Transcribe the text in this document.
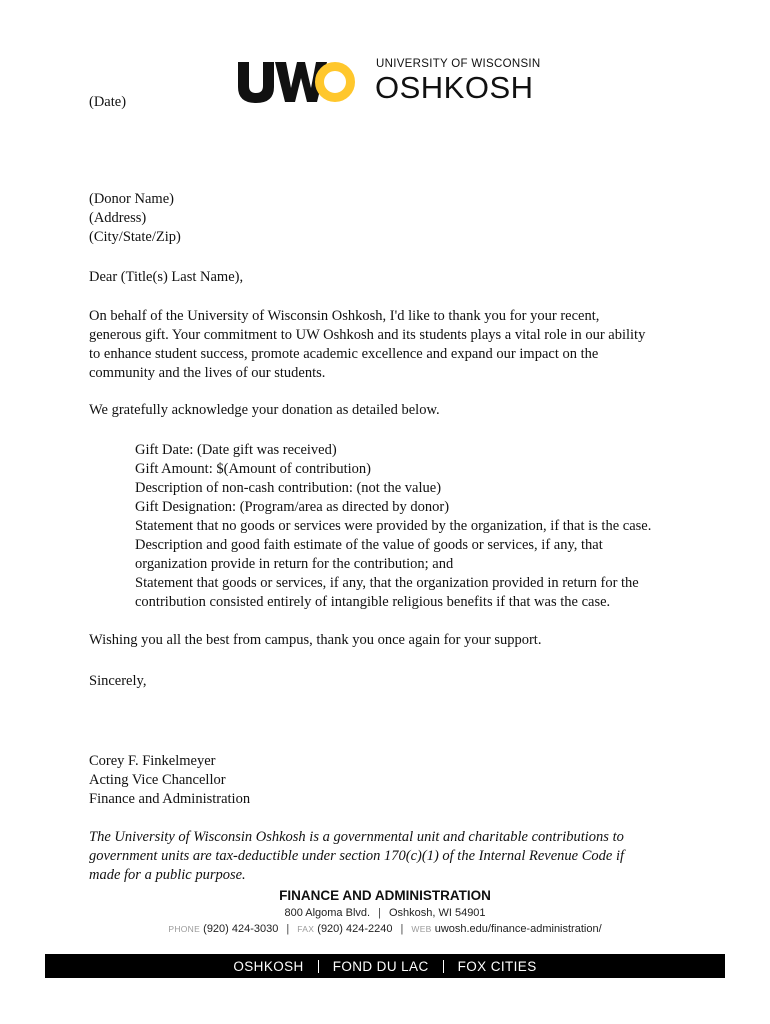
(Date)
UNIVERSITY OF WISCONSIN
OSHKOSH
(Donor Name)
(Address)
(City/State/Zip)
Dear (Title(s) Last Name),
On behalf of the University of Wisconsin Oshkosh, I'd like to thank you for your recent,
generous gift. Your commitment to UW Oshkosh and its students plays a vital role in our ability
to enhance student success, promote academic excellence and expand our impact on the
community and the lives of our students.
We gratefully acknowledge your donation as detailed below.
Gift Date: (Date gift was received)
Gift Amount: $(Amount of contribution)
Description of non-cash contribution: (not the value)
Gift Designation: (Program/area as directed by donor)
Statement that no goods or services were provided by the organization, if that is the case.
Description and good faith estimate of the value of goods or services, if any, that
organization provide in return for the contribution; and
Statement that goods or services, if any, that the organization provided in return for the
contribution consisted entirely of intangible religious benefits if that was the case.
Wishing you all the best from campus, thank you once again for your support.
Sincerely,
Corey F. Finkelmeyer
Acting Vice Chancellor
Finance and Administration
The University of Wisconsin Oshkosh is a governmental unit and charitable contributions to
government units are tax-deductible under section 170(c)(1) of the Internal Revenue Code if
made for a public purpose.
FINANCE AND ADMINISTRATION
800 Algoma Blvd. | Oshkosh, WI 54901
PHONE (920) 424-3030 | FAX (920) 424-2240 | WEB uwosh.edu/finance-administration/
OSHKOSH FOND DU LAC FOX CITIES
